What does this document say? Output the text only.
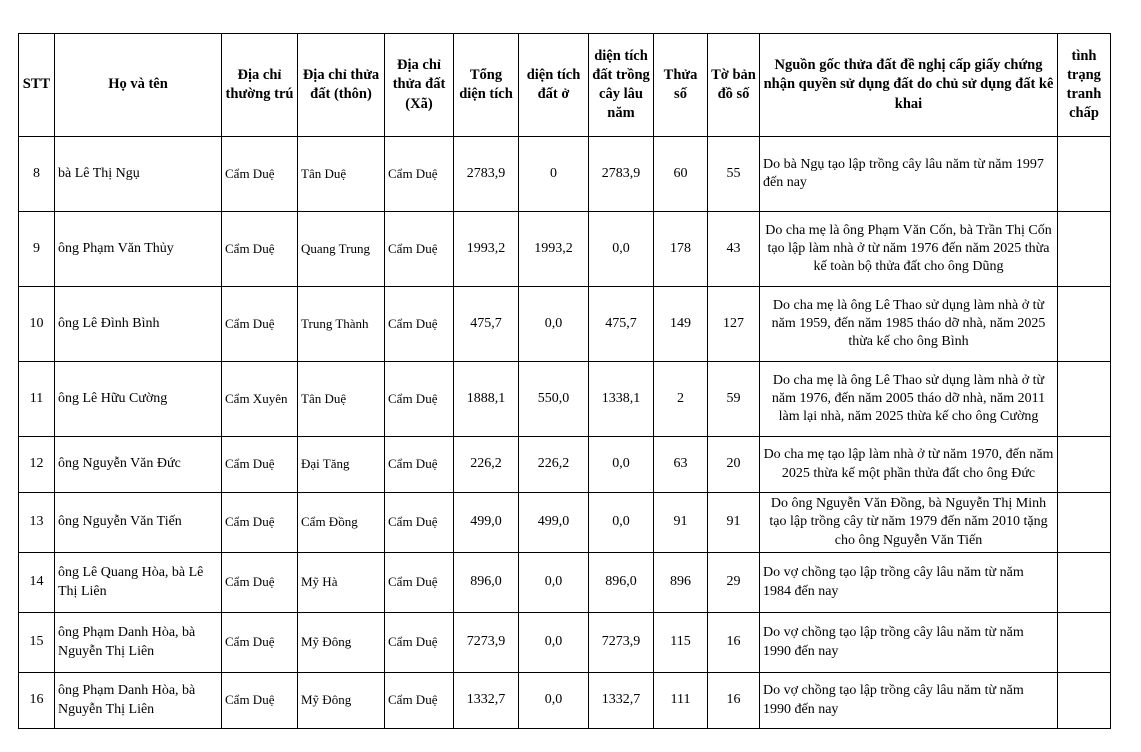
STT	Họ và tên	Địa chỉ thường trú	Địa chỉ thửa đất (thôn)	Địa chỉ thửa đất (Xã)	Tổng diện tích	diện tích đất ở	diện tích đất trồng cây lâu năm	Thửa số	Tờ bản đồ số	Nguồn gốc thửa đất đề nghị cấp giấy chứng nhận quyền sử dụng đất do chủ sử dụng đất kê khai	tình trạng tranh chấp
8	bà Lê Thị Ngụ	Cẩm Duệ	Tân Duệ	Cẩm Duệ	2783,9	0	2783,9	60	55	Do bà Ngụ tạo lập trồng cây lâu năm từ năm 1997 đến nay	
9	ông Phạm Văn Thủy	Cẩm Duệ	Quang Trung	Cẩm Duệ	1993,2	1993,2	0,0	178	43	Do cha mẹ là ông Phạm Văn Cốn, bà Trần Thị Cốn tạo lập làm nhà ở từ năm 1976 đến năm 2025 thừa kế toàn bộ thửa đất cho ông Dũng	
10	ông Lê Đình Bình	Cẩm Duệ	Trung Thành	Cẩm Duệ	475,7	0,0	475,7	149	127	Do cha mẹ là ông Lê Thao sử dụng làm nhà ở từ năm 1959, đến năm 1985 tháo dỡ nhà, năm 2025 thừa kế cho ông Bình	
11	ông Lê Hữu Cường	Cẩm Xuyên	Tân Duệ	Cẩm Duệ	1888,1	550,0	1338,1	2	59	Do cha mẹ là ông Lê Thao sử dụng làm nhà ở từ năm 1976, đến năm 2005 tháo dỡ nhà, năm 2011 làm lại nhà, năm 2025 thừa kế cho ông Cường	
12	ông Nguyễn Văn Đức	Cẩm Duệ	Đại Tăng	Cẩm Duệ	226,2	226,2	0,0	63	20	Do cha mẹ tạo lập làm nhà ở từ năm 1970, đến năm 2025 thừa kế một phần thửa đất cho ông Đức	
13	ông Nguyễn Văn Tiến	Cẩm Duệ	Cẩm Đồng	Cẩm Duệ	499,0	499,0	0,0	91	91	Do ông Nguyễn Văn Đồng, bà Nguyễn Thị Minh tạo lập trồng cây từ năm 1979 đến năm 2010 tặng cho ông Nguyễn Văn Tiến	
14	ông Lê Quang Hòa, bà Lê Thị Liên	Cẩm Duệ	Mỹ Hà	Cẩm Duệ	896,0	0,0	896,0	896	29	Do vợ chồng tạo lập trồng cây lâu năm từ năm 1984 đến nay	
15	ông Phạm Danh Hòa, bà Nguyễn Thị Liên	Cẩm Duệ	Mỹ Đông	Cẩm Duệ	7273,9	0,0	7273,9	115	16	Do vợ chồng tạo lập trồng cây lâu năm từ năm 1990 đến nay	
16	ông Phạm Danh Hòa, bà Nguyễn Thị Liên	Cẩm Duệ	Mỹ Đông	Cẩm Duệ	1332,7	0,0	1332,7	111	16	Do vợ chồng tạo lập trồng cây lâu năm từ năm 1990 đến nay	
